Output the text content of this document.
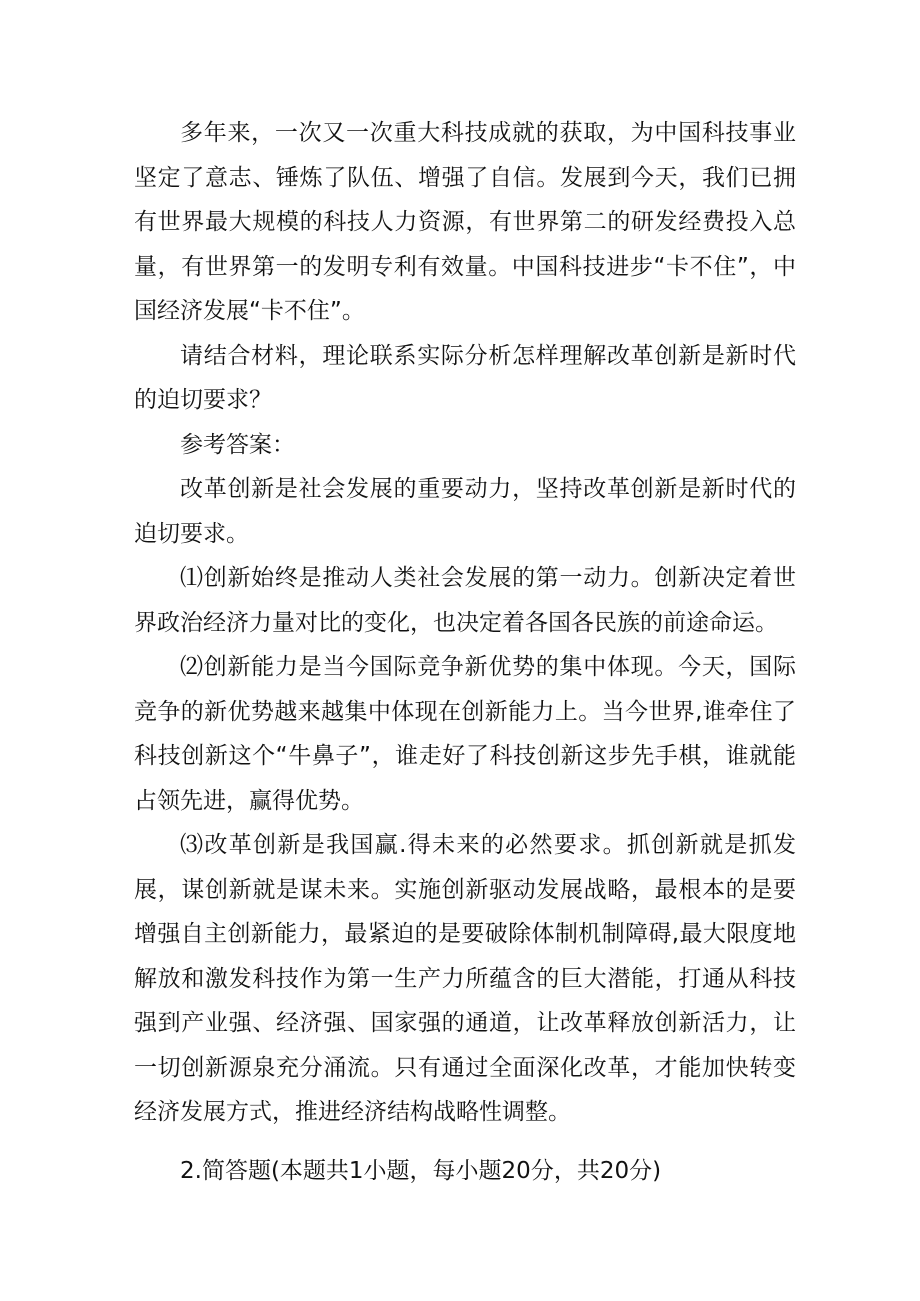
多年来，一次又一次重大科技成就的获取，为中国科技事业坚定了意志、锤炼了队伍、增强了自信。发展到今天，我们已拥有世界最大规模的科技人力资源，有世界第二的研发经费投入总量，有世界第一的发明专利有效量。中国科技进步“卡不住”，中国经济发展“卡不住”。

请结合材料，理论联系实际分析怎样理解改革创新是新时代的迫切要求？

参考答案：

改革创新是社会发展的重要动力，坚持改革创新是新时代的迫切要求。

⑴创新始终是推动人类社会发展的第一动力。创新决定着世界政治经济力量对比的变化，也决定着各国各民族的前途命运。

⑵创新能力是当今国际竞争新优势的集中体现。今天，国际竞争的新优势越来越集中体现在创新能力上。当今世界,谁牵住了科技创新这个“牛鼻子”，谁走好了科技创新这步先手棋，谁就能占领先进，赢得优势。

⑶改革创新是我国赢.得未来的必然要求。抓创新就是抓发展，谋创新就是谋未来。实施创新驱动发展战略，最根本的是要增强自主创新能力，最紧迫的是要破除体制机制障碍,最大限度地解放和激发科技作为第一生产力所蕴含的巨大潜能，打通从科技强到产业强、经济强、国家强的通道，让改革释放创新活力，让一切创新源泉充分涌流。只有通过全面深化改革，才能加快转变经济发展方式，推进经济结构战略性调整。

2.简答题(本题共1小题，每小题20分，共20分)
